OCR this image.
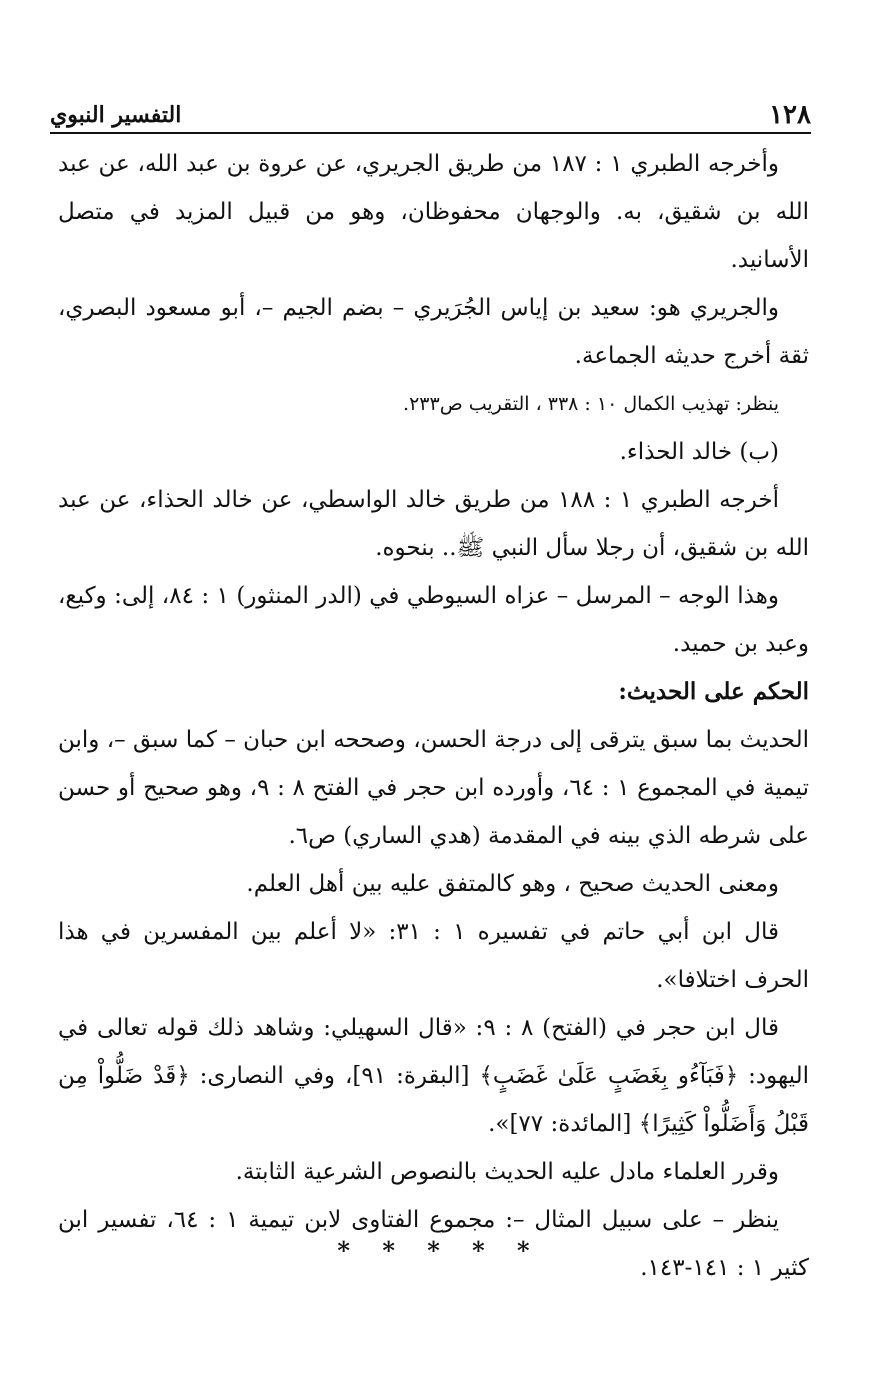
١٢٨
التفسير النبوي

وأخرجه الطبري ١ : ١٨٧ من طريق الجريري، عن عروة بن عبد الله، عن عبد الله بن شقيق، به. والوجهان محفوظان، وهو من قبيل المزيد في متصل الأسانيد.

والجريري هو: سعيد بن إياس الجُرَيري – بضم الجيم –، أبو مسعود البصري، ثقة أخرج حديثه الجماعة.

ينظر: تهذيب الكمال ١٠ : ٣٣٨ ، التقريب ص٢٣٣.

(ب) خالد الحذاء.

أخرجه الطبري ١ : ١٨٨ من طريق خالد الواسطي، عن خالد الحذاء، عن عبد الله بن شقيق، أن رجلا سأل النبي ﷺ.. بنحوه.

وهذا الوجه – المرسل – عزاه السيوطي في (الدر المنثور) ١ : ٨٤، إلى: وكيع، وعبد بن حميد.

الحكم على الحديث:

الحديث بما سبق يترقى إلى درجة الحسن، وصححه ابن حبان – كما سبق –، وابن تيمية في المجموع ١ : ٦٤، وأورده ابن حجر في الفتح ٨ : ٩، وهو صحيح أو حسن على شرطه الذي بينه في المقدمة (هدي الساري) ص٦.

ومعنى الحديث صحيح ، وهو كالمتفق عليه بين أهل العلم.

قال ابن أبي حاتم في تفسيره ١ : ٣١: «لا أعلم بين المفسرين في هذا الحرف اختلافا».

قال ابن حجر في (الفتح) ٨ : ٩: «قال السهيلي: وشاهد ذلك قوله تعالى في اليهود: ﴿فَبَآءُو بِغَضَبٍ عَلَىٰ غَضَبٍ﴾ [البقرة: ٩١]، وفي النصارى: ﴿قَدْ ضَلُّواْ مِن قَبْلُ وَأَضَلُّواْ كَثِيرًا﴾ [المائدة: ٧٧]».

وقرر العلماء مادل عليه الحديث بالنصوص الشرعية الثابتة.

ينظر – على سبيل المثال –: مجموع الفتاوى لابن تيمية ١ : ٦٤، تفسير ابن كثير ١ : ١٤١-١٤٣.

* * * * *
